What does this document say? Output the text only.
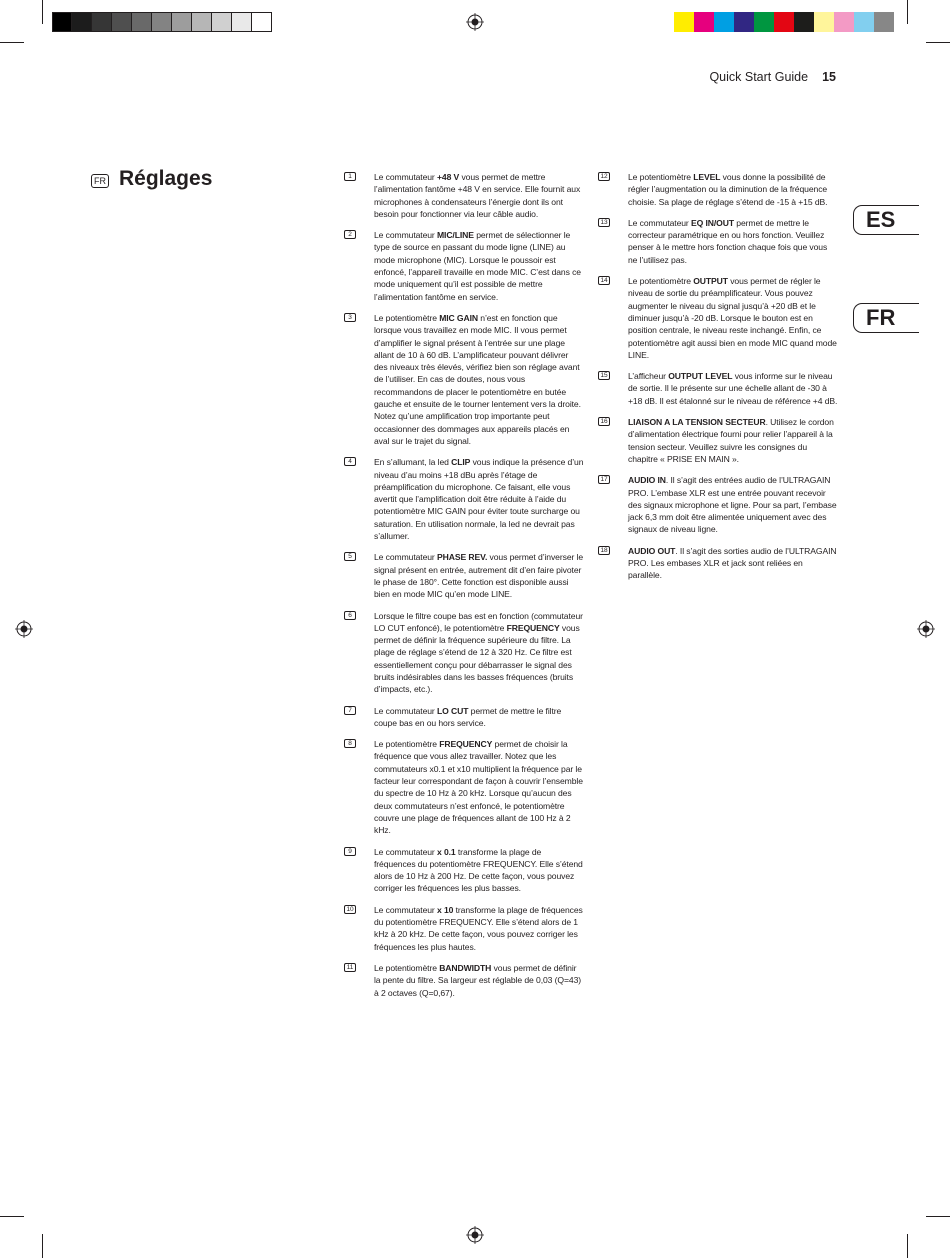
Quick Start Guide 15
FR Réglages
ES
FR
1	Le commutateur +48 V vous permet de mettre l’alimentation fantôme +48 V en service. Elle fournit aux microphones à condensateurs l’énergie dont ils ont besoin pour fonctionner via leur câble audio.
2	Le commutateur MIC/LINE permet de sélectionner le type de source en passant du mode ligne (LINE) au mode microphone (MIC). Lorsque le poussoir est enfoncé, l’appareil travaille en mode MIC. C’est dans ce mode uniquement qu’il est possible de mettre l’alimentation fantôme en service.
3	Le potentiomètre MIC GAIN n’est en fonction que lorsque vous travaillez en mode MIC. Il vous permet d’amplifier le signal présent à l’entrée sur une plage allant de 10 à 60 dB. L’amplificateur pouvant délivrer des niveaux très élevés, vérifiez bien son réglage avant de l’utiliser. En cas de doutes, nous vous recommandons de placer le potentiomètre en butée gauche et ensuite de le tourner lentement vers la droite. Notez qu’une amplification trop importante peut occasionner des dommages aux appareils placés en aval sur le trajet du signal.
4	En s’allumant, la led CLIP vous indique la présence d’un niveau d’au moins +18 dBu après l’étage de préamplification du microphone. Ce faisant, elle vous avertit que l’amplification doit être réduite à l’aide du potentiomètre MIC GAIN pour éviter toute surcharge ou saturation. En utilisation normale, la led ne devrait pas s’allumer.
5	Le commutateur PHASE REV. vous permet d’inverser le signal présent en entrée, autrement dit d’en faire pivoter le phase de 180°. Cette fonction est disponible aussi bien en mode MIC qu’en mode LINE.
6	Lorsque le filtre coupe bas est en fonction (commutateur LO CUT enfoncé), le potentiomètre FREQUENCY vous permet de définir la fréquence supérieure du filtre. La plage de réglage s’étend de 12 à 320 Hz. Ce filtre est essentiellement conçu pour débarrasser le signal des bruits indésirables dans les basses fréquences (bruits d’impacts, etc.).
7	Le commutateur LO CUT permet de mettre le filtre coupe bas en ou hors service.
8	Le potentiomètre FREQUENCY permet de choisir la fréquence que vous allez travailler. Notez que les commutateurs x0.1 et x10 multiplient la fréquence par le facteur leur correspondant de façon à couvrir l’ensemble du spectre de 10 Hz à 20 kHz. Lorsque qu’aucun des deux commutateurs n’est enfoncé, le potentiomètre couvre une plage de fréquences allant de 100 Hz à 2 kHz.
9	Le commutateur x 0.1 transforme la plage de fréquences du potentiomètre FREQUENCY. Elle s’étend alors de 10 Hz à 200 Hz. De cette façon, vous pouvez corriger les fréquences les plus basses.
10 Le commutateur x 10 transforme la plage de fréquences du potentiomètre FREQUENCY. Elle s’étend alors de 1 kHz à 20 kHz. De cette façon, vous pouvez corriger les fréquences les plus hautes.
11	Le potentiomètre BANDWIDTH vous permet de définir la pente du filtre. Sa largeur est réglable de 0,03 (Q=43) à 2 octaves (Q=0,67).
12 Le potentiomètre LEVEL vous donne la possibilité de régler l’augmentation ou la diminution de la fréquence choisie. Sa plage de réglage s’étend de -15 à +15 dB.
13 Le commutateur EQ IN/OUT permet de mettre le correcteur paramétrique en ou hors fonction. Veuillez penser à le mettre hors fonction chaque fois que vous ne l’utilisez pas.
14 Le potentiomètre OUTPUT vous permet de régler le niveau de sortie du préamplificateur. Vous pouvez augmenter le niveau du signal jusqu’à +20 dB et le diminuer jusqu’à -20 dB. Lorsque le bouton est en position centrale, le niveau reste inchangé. Enfin, ce potentiomètre agit aussi bien en mode MIC quand mode LINE.
15 L’afficheur OUTPUT LEVEL vous informe sur le niveau de sortie. Il le présente sur une échelle allant de -30 à +18 dB. Il est étalonné sur le niveau de référence +4 dB.
16 LIAISON A LA TENSION SECTEUR. Utilisez le cordon d’alimentation électrique fourni pour relier l’appareil à la tension secteur. Veuillez suivre les consignes du chapitre « PRISE EN MAIN ».
17 AUDIO IN. Il s’agit des entrées audio de l’ULTRAGAIN PRO. L’embase XLR est une entrée pouvant recevoir des signaux microphone et ligne. Pour sa part, l’embase jack 6,3 mm doit être alimentée uniquement avec des signaux de niveau ligne.
18 AUDIO OUT. Il s’agit des sorties audio de l’ULTRAGAIN PRO. Les embases XLR et jack sont reliées en parallèle.
